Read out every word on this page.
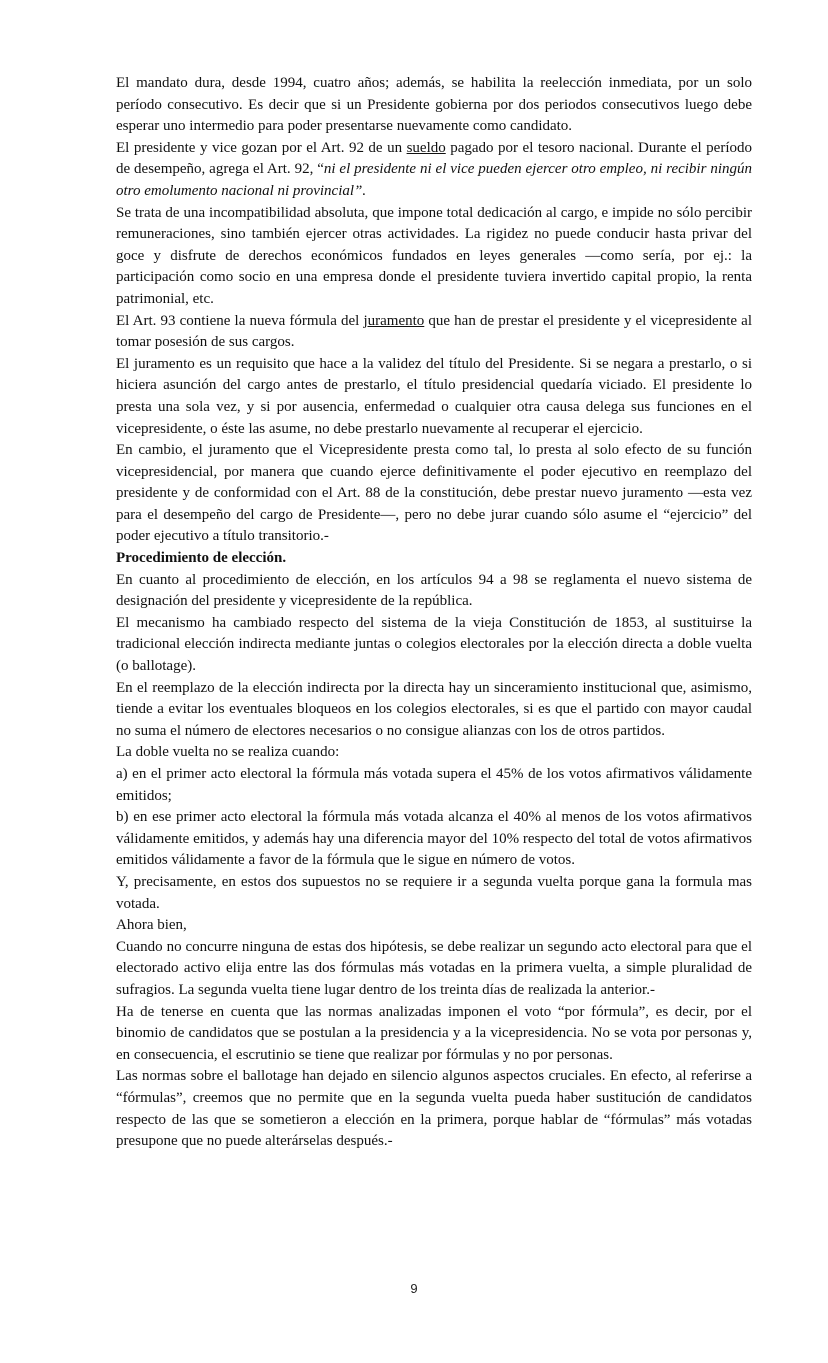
El mandato dura, desde 1994, cuatro años; además, se habilita la reelección inmediata, por un solo período consecutivo. Es decir que si un Presidente gobierna por dos periodos consecutivos luego debe esperar uno intermedio para poder presentarse nuevamente como candidato.

El presidente y vice gozan por el Art. 92 de un sueldo pagado por el tesoro nacional. Durante el período de desempeño, agrega el Art. 92, “ni el presidente ni el vice pueden ejercer otro empleo, ni recibir ningún otro emolumento nacional ni provincial”.

Se trata de una incompatibilidad absoluta, que impone total dedicación al cargo, e impide no sólo percibir remuneraciones, sino también ejercer otras actividades. La rigidez no puede conducir hasta privar del goce y disfrute de derechos económicos fundados en leyes generales —como sería, por ej.: la participación como socio en una empresa donde el presidente tuviera invertido capital propio, la renta patrimonial, etc.

El Art. 93 contiene la nueva fórmula del juramento que han de prestar el presidente y el vicepresidente al tomar posesión de sus cargos.

El juramento es un requisito que hace a la validez del título del Presidente. Si se negara a prestarlo, o si hiciera asunción del cargo antes de prestarlo, el título presidencial quedaría viciado. El presidente lo presta una sola vez, y si por ausencia, enfermedad o cualquier otra causa delega sus funciones en el vicepresidente, o éste las asume, no debe prestarlo nuevamente al recuperar el ejercicio.

En cambio, el juramento que el Vicepresidente presta como tal, lo presta al solo efecto de su función vicepresidencial, por manera que cuando ejerce definitivamente el poder ejecutivo en reemplazo del presidente y de conformidad con el Art. 88 de la constitución, debe prestar nuevo juramento —esta vez para el desempeño del cargo de Presidente—, pero no debe jurar cuando sólo asume el “ejercicio” del poder ejecutivo a título transitorio.-

Procedimiento de elección.

En cuanto al procedimiento de elección, en los artículos 94 a 98 se reglamenta el nuevo sistema de designación del presidente y vicepresidente de la república.

El mecanismo ha cambiado respecto del sistema de la vieja Constitución de 1853, al sustituirse la tradicional elección indirecta mediante juntas o colegios electorales por la elección directa a doble vuelta (o ballotage).

En el reemplazo de la elección indirecta por la directa hay un sinceramiento institucional que, asimismo, tiende a evitar los eventuales bloqueos en los colegios electorales, si es que el partido con mayor caudal no suma el número de electores necesarios o no consigue alianzas con los de otros partidos.

La doble vuelta no se realiza cuando:

a) en el primer acto electoral la fórmula más votada supera el 45% de los votos afirmativos válidamente emitidos;

b) en ese primer acto electoral la fórmula más votada alcanza el 40% al menos de los votos afirmativos válidamente emitidos, y además hay una diferencia mayor del 10% respecto del total de votos afirmativos emitidos válidamente a favor de la fórmula que le sigue en número de votos.

Y, precisamente, en estos dos supuestos no se requiere ir a segunda vuelta porque gana la formula mas votada.

Ahora bien,

Cuando no concurre ninguna de estas dos hipótesis, se debe realizar un segundo acto electoral para que el electorado activo elija entre las dos fórmulas más votadas en la primera vuelta, a simple pluralidad de sufragios. La segunda vuelta tiene lugar dentro de los treinta días de realizada la anterior.-

Ha de tenerse en cuenta que las normas analizadas imponen el voto “por fórmula”, es decir, por el binomio de candidatos que se postulan a la presidencia y a la vicepresidencia. No se vota por personas y, en consecuencia, el escrutinio se tiene que realizar por fórmulas y no por personas.

Las normas sobre el ballotage han dejado en silencio algunos aspectos cruciales. En efecto, al referirse a “fórmulas”, creemos que no permite que en la segunda vuelta pueda haber sustitución de candidatos respecto de las que se sometieron a elección en la primera, porque hablar de “fórmulas” más votadas presupone que no puede alterárselas después.-

9
